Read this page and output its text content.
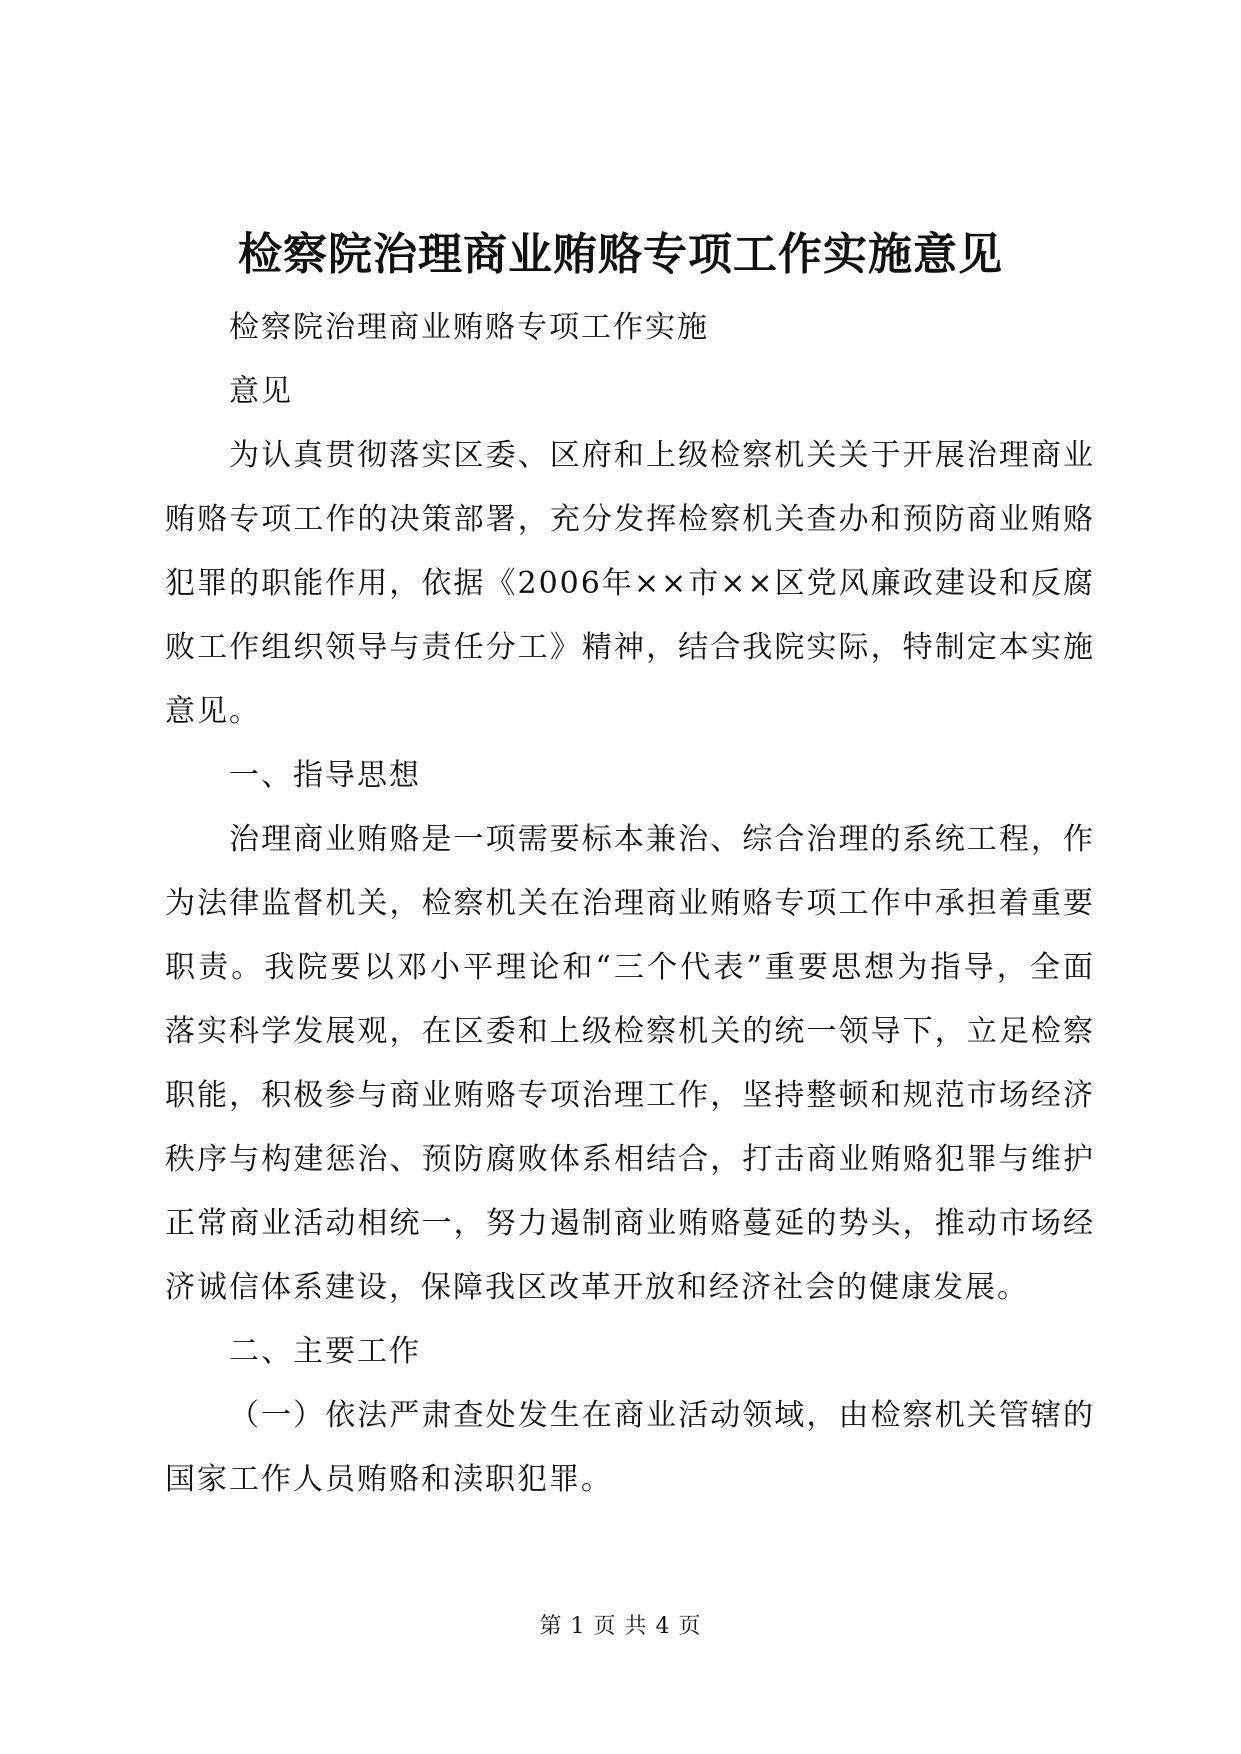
检察院治理商业贿赂专项工作实施意见

检察院治理商业贿赂专项工作实施

意见

为认真贯彻落实区委、区府和上级检察机关关于开展治理商业贿赂专项工作的决策部署，充分发挥检察机关查办和预防商业贿赂犯罪的职能作用，依据《2006年××市××区党风廉政建设和反腐败工作组织领导与责任分工》精神，结合我院实际，特制定本实施意见。

一、指导思想

治理商业贿赂是一项需要标本兼治、综合治理的系统工程，作为法律监督机关，检察机关在治理商业贿赂专项工作中承担着重要职责。我院要以邓小平理论和“三个代表”重要思想为指导，全面落实科学发展观，在区委和上级检察机关的统一领导下，立足检察职能，积极参与商业贿赂专项治理工作，坚持整顿和规范市场经济秩序与构建惩治、预防腐败体系相结合，打击商业贿赂犯罪与维护正常商业活动相统一，努力遏制商业贿赂蔓延的势头，推动市场经济诚信体系建设，保障我区改革开放和经济社会的健康发展。

二、主要工作

（一）依法严肃查处发生在商业活动领域，由检察机关管辖的国家工作人员贿赂和渎职犯罪。

第 1 页 共 4 页
